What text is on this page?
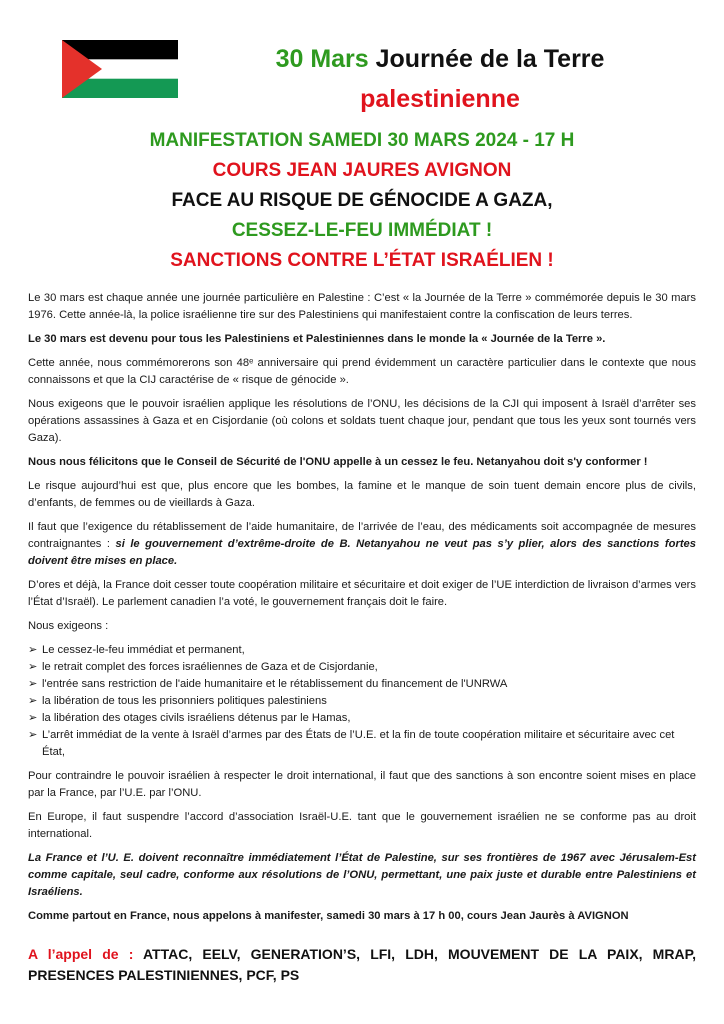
30 Mars Journée de la Terre
palestinienne
MANIFESTATION SAMEDI 30 MARS 2024 - 17 H
COURS JEAN JAURES AVIGNON
FACE AU RISQUE DE GÉNOCIDE A GAZA,
CESSEZ-LE-FEU IMMÉDIAT !
SANCTIONS CONTRE L’ÉTAT ISRAÉLIEN !

Le 30 mars est chaque année une journée particulière en Palestine : C’est « la Journée de la Terre » commémorée depuis le 30 mars 1976. Cette année-là, la police israélienne tire sur des Palestiniens qui manifestaient contre la confiscation de leurs terres.

Le 30 mars est devenu pour tous les Palestiniens et Palestiniennes dans le monde la « Journée de la Terre ».

Cette année, nous commémorerons son 48ᵉ anniversaire qui prend évidemment un caractère particulier dans le contexte que nous connaissons et que la CIJ caractérise de « risque de génocide ».

Nous exigeons que le pouvoir israélien applique les résolutions de l’ONU, les décisions de la CJI qui imposent à Israël d’arrêter ses opérations assassines à Gaza et en Cisjordanie (où colons et soldats tuent chaque jour, pendant que tous les yeux sont tournés vers Gaza).

Nous nous félicitons que le Conseil de Sécurité de l'ONU appelle à un cessez le feu. Netanyahou doit s'y conformer !

Le risque aujourd’hui est que, plus encore que les bombes, la famine et le manque de soin tuent demain encore plus de civils, d’enfants, de femmes ou de vieillards à Gaza.

Il faut que l’exigence du rétablissement de l’aide humanitaire, de l’arrivée de l’eau, des médicaments soit accompagnée de mesures contraignantes : si le gouvernement d’extrême-droite de B. Netanyahou ne veut pas s’y plier, alors des sanctions fortes doivent être mises en place.

D’ores et déjà, la France doit cesser toute coopération militaire et sécuritaire et doit exiger de l’UE interdiction de livraison d’armes vers l’État d’Israël). Le parlement canadien l’a voté, le gouvernement français doit le faire.

Nous exigeons :

➢ Le cessez-le-feu immédiat et permanent,
➢ le retrait complet des forces israéliennes de Gaza et de Cisjordanie,
➢ l'entrée sans restriction de l'aide humanitaire et le rétablissement du financement de l'UNRWA
➢ la libération de tous les prisonniers politiques palestiniens
➢ la libération des otages civils israéliens détenus par le Hamas,
➢ L’arrêt immédiat de la vente à Israël d’armes par des États de l’U.E. et la fin de toute coopération militaire et sécuritaire avec cet État,

Pour contraindre le pouvoir israélien à respecter le droit international, il faut que des sanctions à son encontre soient mises en place par la France, par l’U.E. par l’ONU.

En Europe, il faut suspendre l’accord d’association Israël-U.E. tant que le gouvernement israélien ne se conforme pas au droit international.

La France et l’U. E. doivent reconnaître immédiatement l’État de Palestine, sur ses frontières de 1967 avec Jérusalem-Est comme capitale, seul cadre, conforme aux résolutions de l’ONU, permettant, une paix juste et durable entre Palestiniens et Israéliens.

Comme partout en France, nous appelons à manifester, samedi 30 mars à 17 h 00, cours Jean Jaurès à AVIGNON

A l’appel de : ATTAC, EELV, GENERATION’S, LFI, LDH, MOUVEMENT DE LA PAIX, MRAP, PRESENCES PALESTINIENNES, PCF, PS
